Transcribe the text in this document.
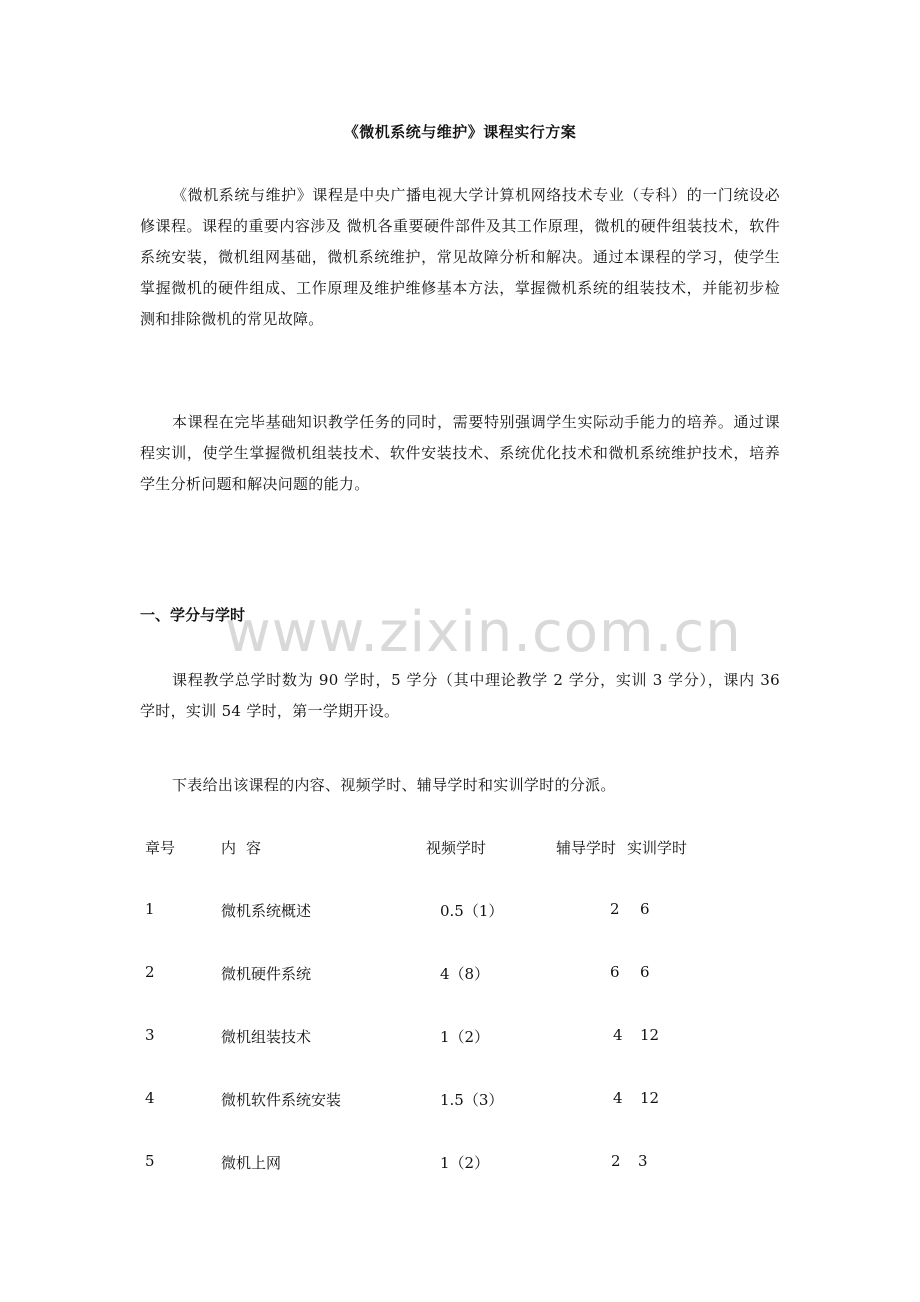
《微机系统与维护》课程实行方案
《微机系统与维护》课程是中央广播电视大学计算机网络技术专业（专科）的一门统设必修课程。课程的重要内容涉及 微机各重要硬件部件及其工作原理，微机的硬件组装技术，软件系统安装，微机组网基础，微机系统维护，常见故障分析和解决。通过本课程的学习，使学生掌握微机的硬件组成、工作原理及维护维修基本方法，掌握微机系统的组装技术，并能初步检测和排除微机的常见故障。
本课程在完毕基础知识教学任务的同时，需要特别强调学生实际动手能力的培养。通过课程实训，使学生掌握微机组装技术、软件安装技术、系统优化技术和微机系统维护技术，培养学生分析问题和解决问题的能力。
一、学分与学时
www.zixin.com.cn
课程教学总学时数为 90 学时，5 学分（其中理论教学 2 学分，实训 3 学分），课内 36 学时，实训 54 学时，第一学期开设。
下表给出该课程的内容、视频学时、辅导学时和实训学时的分派。
章号	内容	视频学时	辅导学时 实训学时
1	微机系统概述	0.5（1）	2 6
2	微机硬件系统	4（8）	6 6
3	微机组装技术	1（2）	4 12
4	微机软件系统安装	1.5（3）	4 12
5	微机上网	1（2）	2 3
